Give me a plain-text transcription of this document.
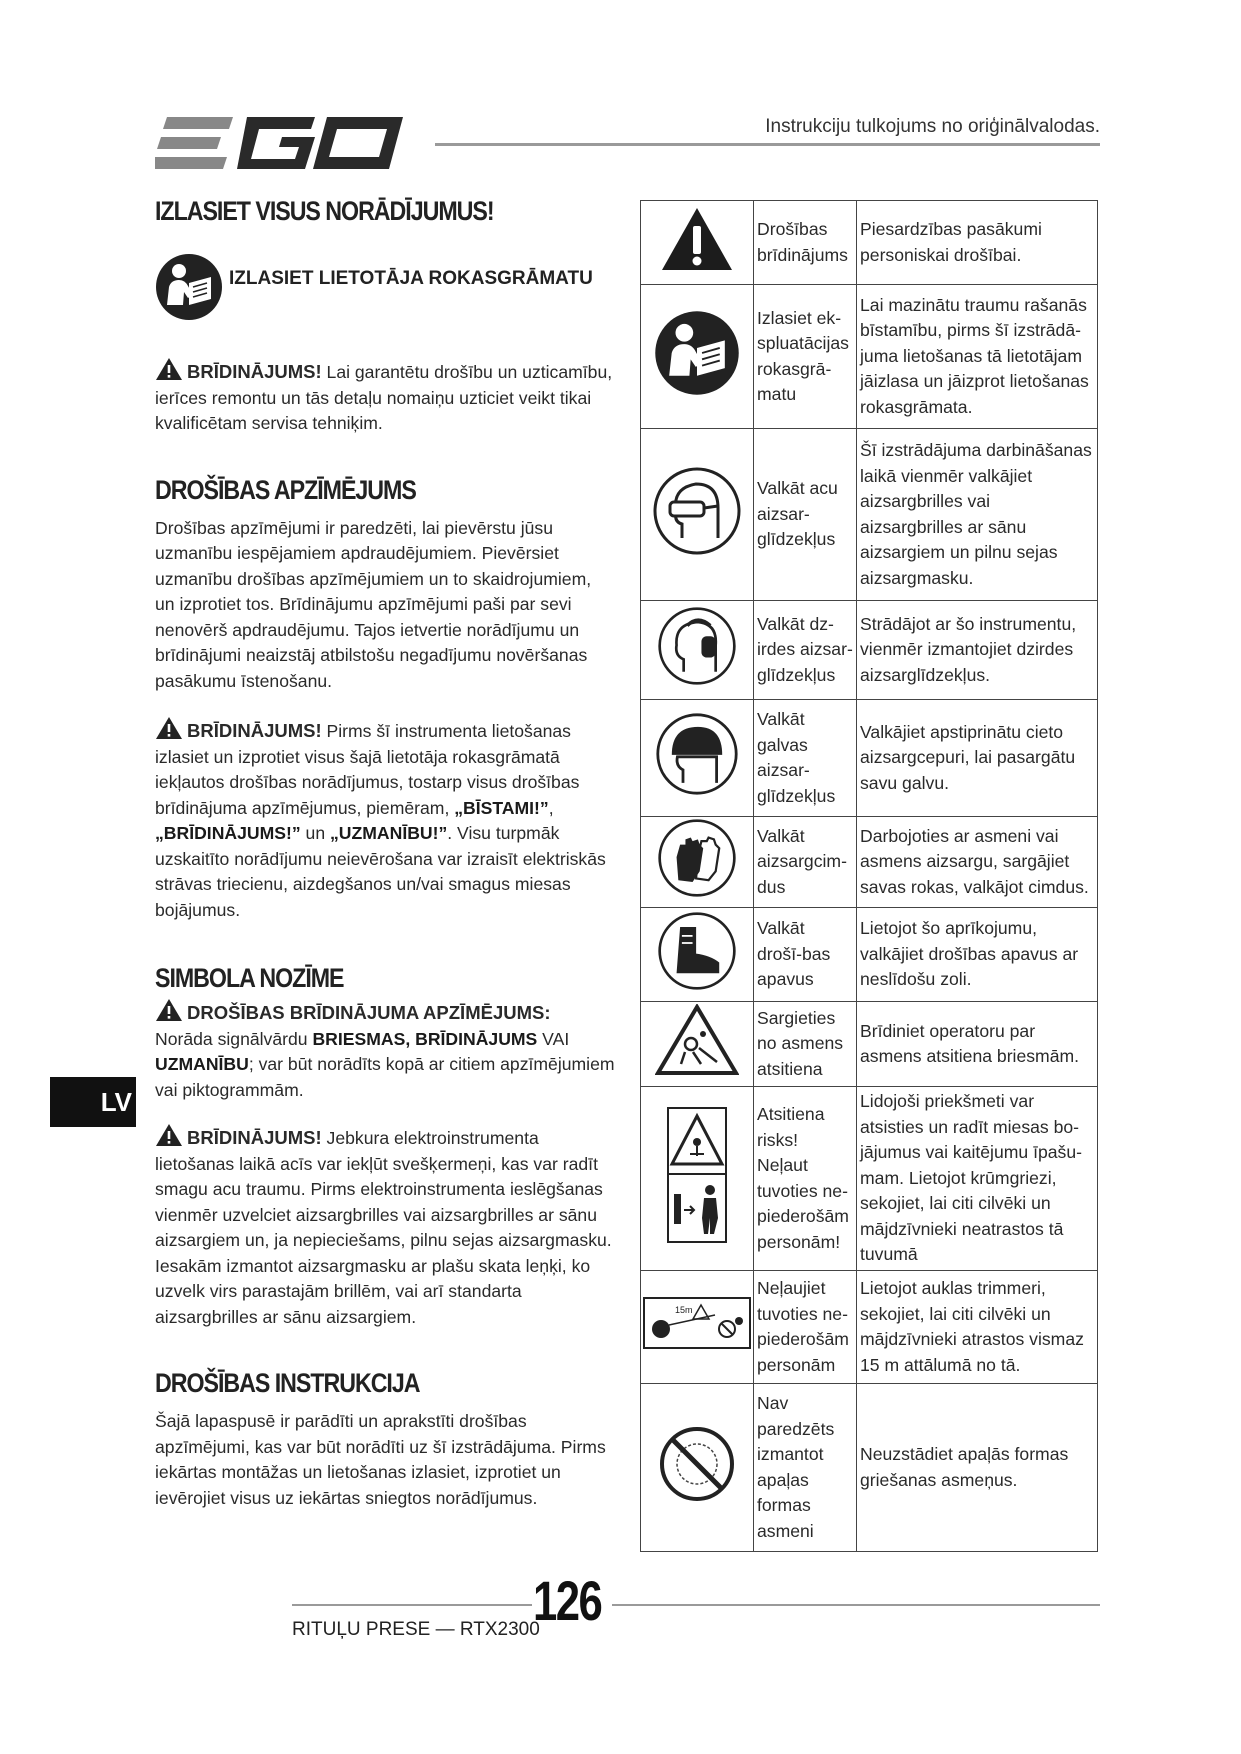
Instrukciju tulkojums no oriģinālvalodas.
IZLASIET VISUS NORĀDĪJUMUS!
IZLASIET LIETOTĀJA ROKASGRĀMATU

BRĪDINĀJUMS! Lai garantētu drošību un uzticamību, ierīces remontu un tās detaļu nomaiņu uzticiet veikt tikai kvalificētam servisa tehniķim.

DROŠĪBAS APZĪMĒJUMS

Drošības apzīmējumi ir paredzēti, lai pievērstu jūsu uzmanību iespējamiem apdraudējumiem. Pievērsiet uzmanību drošības apzīmējumiem un to skaidrojumiem, un izprotiet tos. Brīdinājumu apzīmējumi paši par sevi nenovērš apdraudējumu. Tajos ietvertie norādījumu un brīdinājumi neaizstāj atbilstošu negadījumu novēršanas pasākumu īstenošanu.

BRĪDINĀJUMS! Pirms šī instrumenta lietošanas izlasiet un izprotiet visus šajā lietotāja rokasgrāmatā iekļautos drošības norādījumus, tostarp visus drošības brīdinājuma apzīmējumus, piemēram, „BĪSTAMI!”, „BRĪDINĀJUMS!” un „UZMANĪBU!”. Visu turpmāk uzskaitīto norādījumu neievērošana var izraisīt elektriskās strāvas triecienu, aizdegšanos un/vai smagus miesas bojājumus.

SIMBOLA NOZĪME

DROŠĪBAS BRĪDINĀJUMA APZĪMĒJUMS:
Norāda signālvārdu BRIESMAS, BRĪDINĀJUMS VAI UZMANĪBU; var būt norādīts kopā ar citiem apzīmējumiem vai piktogrammām.

BRĪDINĀJUMS! Jebkura elektroinstrumenta lietošanas laikā acīs var iekļūt svešķermeņi, kas var radīt smagu acu traumu. Pirms elektroinstrumenta ieslēgšanas vienmēr uzvelciet aizsargbrilles vai aizsargbrilles ar sānu aizsargiem un, ja nepieciešams, pilnu sejas aizsargmasku. Iesakām izmantot aizsargmasku ar plašu skata leņķi, ko uzvelk virs parastajām brillēm, vai arī standarta aizsargbrilles ar sānu aizsargiem.

DROŠĪBAS INSTRUKCIJA

Šajā lapaspusē ir parādīti un aprakstīti drošības apzīmējumi, kas var būt norādīti uz šī izstrādājuma. Pirms iekārtas montāžas un lietošanas izlasiet, izprotiet un ievērojiet visus uz iekārtas sniegtos norādījumus.

LV
	Drošības brīdinājums	Piesardzības pasākumi personiskai drošībai.
	Izlasiet ek-spluatācijas rokasgrā-matu	Lai mazinātu traumu rašanās bīstamību, pirms šī izstrādā-juma lietošanas tā lietotājam jāizlasa un jāizprot lietošanas rokasgrāmata.
	Valkāt acu aizsar-glīdzekļus	Šī izstrādājuma darbināšanas laikā vienmēr valkājiet aizsargbrilles vai aizsargbrilles ar sānu aizsargiem un pilnu sejas aizsargmasku.
	Valkāt dz-irdes aizsar-glīdzekļus	Strādājot ar šo instrumentu, vienmēr izmantojiet dzirdes aizsarglīdzekļus.
	Valkāt galvas aizsar-glīdzekļus	Valkājiet apstiprinātu cieto aizsargcepuri, lai pasargātu savu galvu.
	Valkāt aizsargcim-dus	Darbojoties ar asmeni vai asmens aizsargu, sargājiet savas rokas, valkājot cimdus.
	Valkāt drošī-bas apavus	Lietojot šo aprīkojumu, valkājiet drošības apavus ar neslīdošu zoli.
	Sargieties no asmens atsitiena	Brīdiniet operatoru par asmens atsitiena briesmām.
	Atsitiena risks! Neļaut tuvoties ne-piederošām personām!	Lidojoši priekšmeti var atsisties un radīt miesas bo-jājumus vai kaitējumu īpašu-mam. Lietojot krūmgriezi, sekojiet, lai citi cilvēki un mājdzīvnieki neatrastos tā tuvumā

15m	Neļaujiet tuvoties ne-piederošām personām	Lietojot auklas trimmeri, sekojiet, lai citi cilvēki un mājdzīvnieki atrastos vismaz 15 m attālumā no tā.
	Nav paredzēts izmantot apaļas formas asmeni	Neuzstādiet apaļās formas griešanas asmeņus.
RITUĻU PRESE — RTX2300
126
